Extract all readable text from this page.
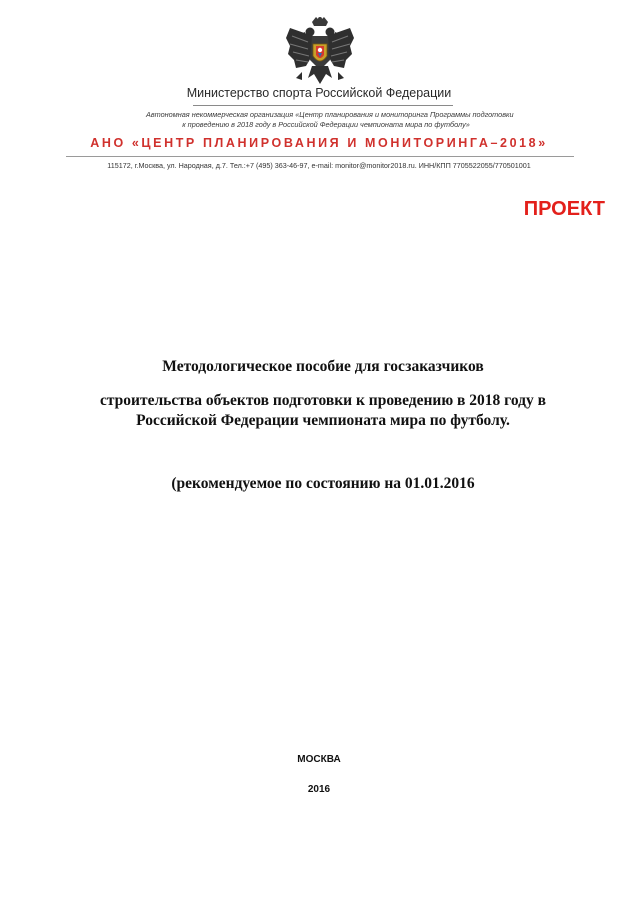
Министерство спорта Российской Федерации
Автономная некоммерческая организация «Центр планирования и мониторинга Программы подготовки
к проведению в 2018 году в Российской Федерации чемпионата мира по футболу»
АНО «ЦЕНТР ПЛАНИРОВАНИЯ И МОНИТОРИНГА–2018»
115172, г.Москва, ул. Народная, д.7. Тел.:+7 (495) 363-46-97, e-mail: monitor@monitor2018.ru. ИНН/КПП 7705522055/770501001
ПРОЕКТ
Методологическое пособие для госзаказчиков
строительства объектов подготовки к проведению в 2018 году в Российской Федерации чемпионата мира по футболу.
(рекомендуемое по состоянию на 01.01.2016
МОСКВА
2016
